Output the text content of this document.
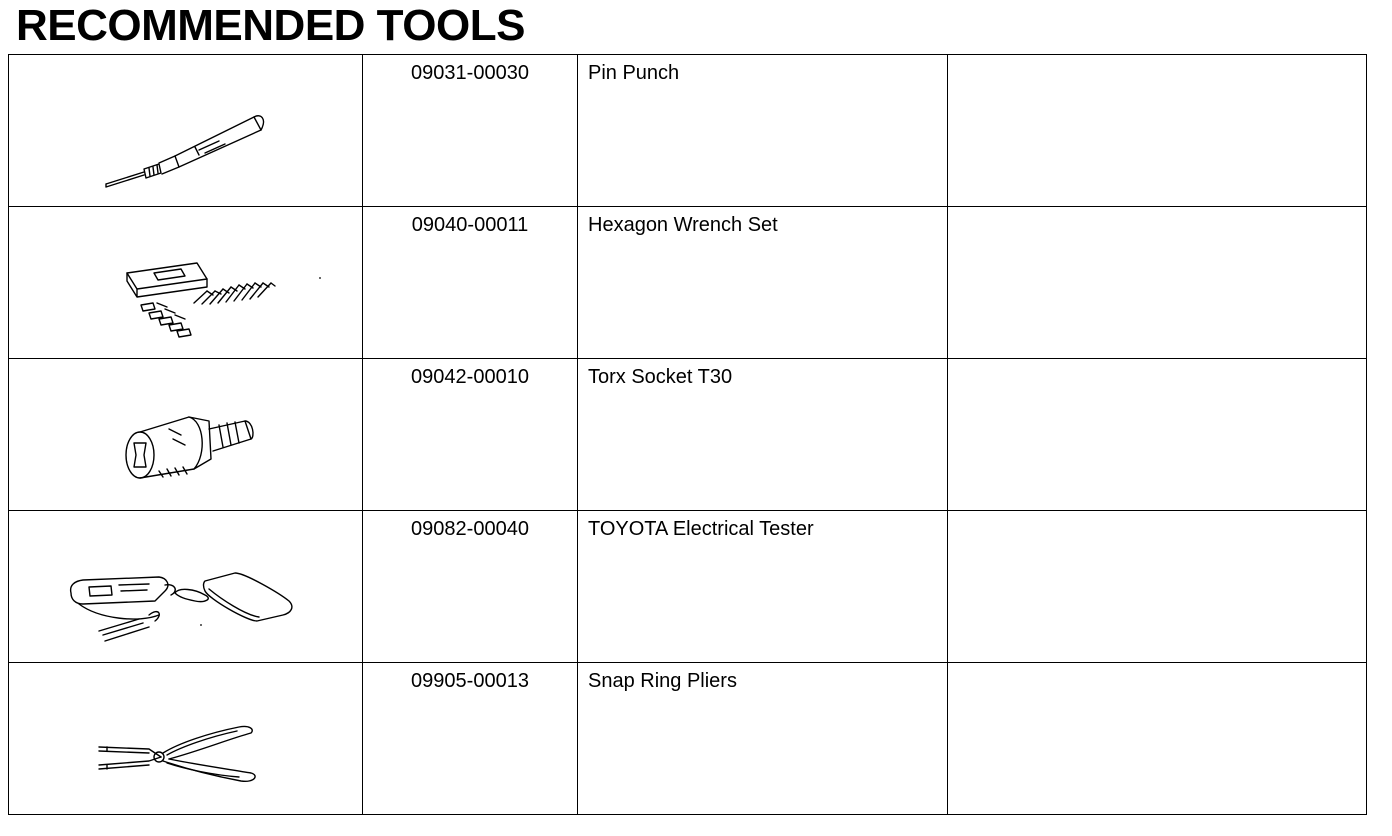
RECOMMENDED TOOLS

09031-00030	Pin Punch	

09040-00011	Hexagon Wrench Set	

09042-00010	Torx Socket T30	

09082-00040	TOYOTA Electrical Tester	

09905-00013	Snap Ring Pliers	
